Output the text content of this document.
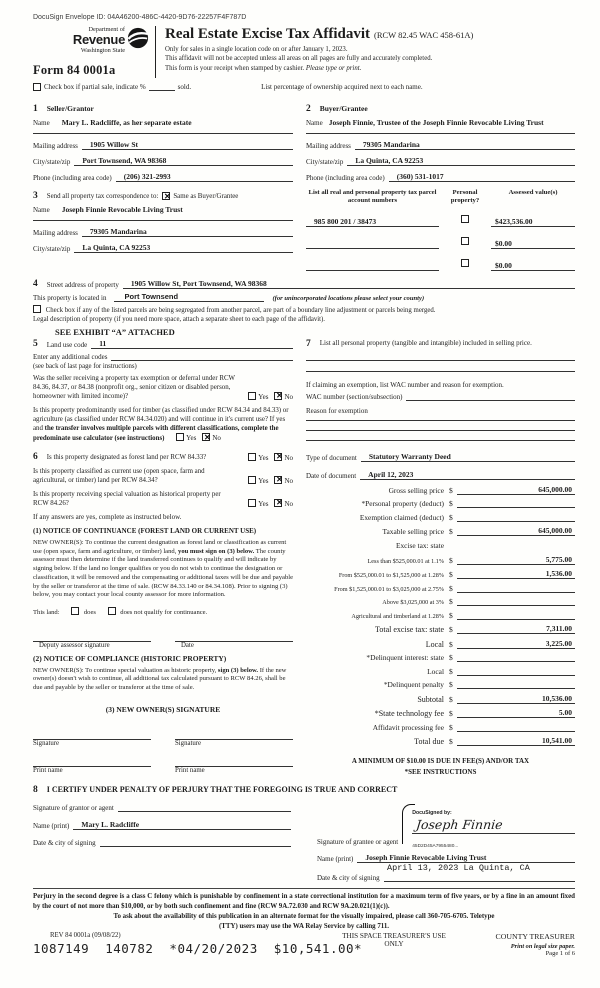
DocuSign Envelope ID: 04A46200-486C-4420-9D76-22257F4F787D
Department of
Revenue
Washington State
Form 84 0001a
Real Estate Excise Tax Affidavit (RCW 82.45 WAC 458-61A)
Only for sales in a single location code on or after January 1, 2023.
This affidavit will not be accepted unless all areas on all pages are fully and accurately completed.
This form is your receipt when stamped by cashier. Please type or print.
Check box if partial sale, indicate %	sold.	List percentage of ownership acquired next to each name.
1 Seller/Grantor
Name	Mary L. Radcliffe, as her separate estate
Mailing address	1905 Willow St
City/state/zip	Port Townsend, WA 98368
Phone (including area code)	(206) 321-2993
3 Send all property tax correspondence to: ✕ Same as Buyer/Grantee
Name	Joseph Finnie Revocable Living Trust
Mailing address	79305 Mandarina
City/state/zip	La Quinta, CA 92253
2 Buyer/Grantee
Name Joseph Finnie, Trustee of the Joseph Finnie Revocable Living Trust
Mailing address	79305 Mandarina
City/state/zip	La Quinta, CA 92253
Phone (including area code)	(360) 531-1017
List all real and personal property tax parcel account numbers
Personal property?
Assessed value(s)
985 800 201 / 38473	$423,536.00
$0.00
$0.00
4 Street address of property	1905 Willow St, Port Townsend, WA 98368
This property is located in	Port Townsend	(for unincorporated locations please select your county)
Check box if any of the listed parcels are being segregated from another parcel, are part of a boundary line adjustment or parcels being merged.
Legal description of property (if you need more space, attach a separate sheet to each page of the affidavit).
SEE EXHIBIT “A” ATTACHED
5 Land use code	11
Enter any additional codes
(see back of last page for instructions)
Was the seller receiving a property tax exemption or deferral under RCW 84.36, 84.37, or 84.38 (nonprofit org., senior citizen or disabled person, homeowner with limited income)?	Yes ✕ No
Is this property predominantly used for timber (as classified under RCW 84.34 and 84.33) or agriculture (as classified under RCW 84.34.020) and will continue in it's current use? If yes and the transfer involves multiple parcels with different classifications, complete the predominate use calculator (see instructions)	Yes ✕ No
6 Is this property designated as forest land per RCW 84.33?	Yes ✕ No
Is this property classified as current use (open space, farm and agricultural, or timber) land per RCW 84.34?	Yes ✕ No
Is this property receiving special valuation as historical property per RCW 84.26?	Yes ✕ No
If any answers are yes, complete as instructed below.
(1) NOTICE OF CONTINUANCE (FOREST LAND OR CURRENT USE)
NEW OWNER(S): To continue the current designation as forest land or classification as current use (open space, farm and agriculture, or timber) land, you must sign on (3) below. The county assessor must then determine if the land transferred continues to qualify and will indicate by signing below. If the land no longer qualifies or you do not wish to continue the designation or classification, it will be removed and the compensating or additional taxes will be due and payable by the seller or transferor at the time of sale. (RCW 84.33.140 or 84.34.108). Prior to signing (3) below, you may contact your local county assessor for more information.
This land:	does	does not qualify for continuance.
Deputy assessor signature	Date
(2) NOTICE OF COMPLIANCE (HISTORIC PROPERTY)
NEW OWNER(S): To continue special valuation as historic property, sign (3) below. If the new owner(s) doesn't wish to continue, all additional tax calculated pursuant to RCW 84.26, shall be due and payable by the seller or transferor at the time of sale.
(3) NEW OWNER(S) SIGNATURE
Signature	Signature
Print name	Print name
7 List all personal property (tangible and intangible) included in selling price.
If claiming an exemption, list WAC number and reason for exemption.
WAC number (section/subsection)
Reason for exemption
Type of document	Statutory Warranty Deed
Date of document	April 12, 2023
Gross selling price $	645,000.00
*Personal property (deduct) $
Exemption claimed (deduct) $
Taxable selling price $	645,000.00
Excise tax: state
Less than $525,000.01 at 1.1% $	5,775.00
From $525,000.01 to $1,525,000 at 1.28% $	1,536.00
From $1,525,000.01 to $3,025,000 at 2.75% $
Above $3,025,000 at 3% $
Agricultural and timberland at 1.28% $
Total excise tax: state $	7,311.00
Local $	3,225.00
*Delinquent interest: state $
Local $
*Delinquent penalty $
Subtotal $	10,536.00
*State technology fee $	5.00
Affidavit processing fee $
Total due $	10,541.00
A MINIMUM OF $10.00 IS DUE IN FEE(S) AND/OR TAX
*SEE INSTRUCTIONS
8 I CERTIFY UNDER PENALTY OF PERJURY THAT THE FOREGOING IS TRUE AND CORRECT
Signature of grantor or agent
Name (print)	Mary L. Radcliffe
Date & city of signing	Signature of grantee or agent
DocuSigned by:
Joseph Finnie
45D2D45A7955480...
Name (print)	Joseph Finnie Revocable Living Trust
April 13, 2023 La Quinta, CA
Date & city of signing
Perjury in the second degree is a class C felony which is punishable by confinement in a state correctional institution for a maximum term of five years, or by a fine in an amount fixed by the court of not more than $10,000, or by both such confinement and fine (RCW 9A.72.030 and RCW 9A.20.021(1)(c)).
To ask about the availability of this publication in an alternate format for the visually impaired, please call 360-705-6705. Teletype
(TTY) users may use the WA Relay Service by calling 711.
REV 84 0001a (09/08/22)
1087149  140782  *04/20/2023  $10,541.00*
THIS SPACE TREASURER'S USE ONLY
COUNTY TREASURER
Print on legal size paper.
Page 1 of 6
